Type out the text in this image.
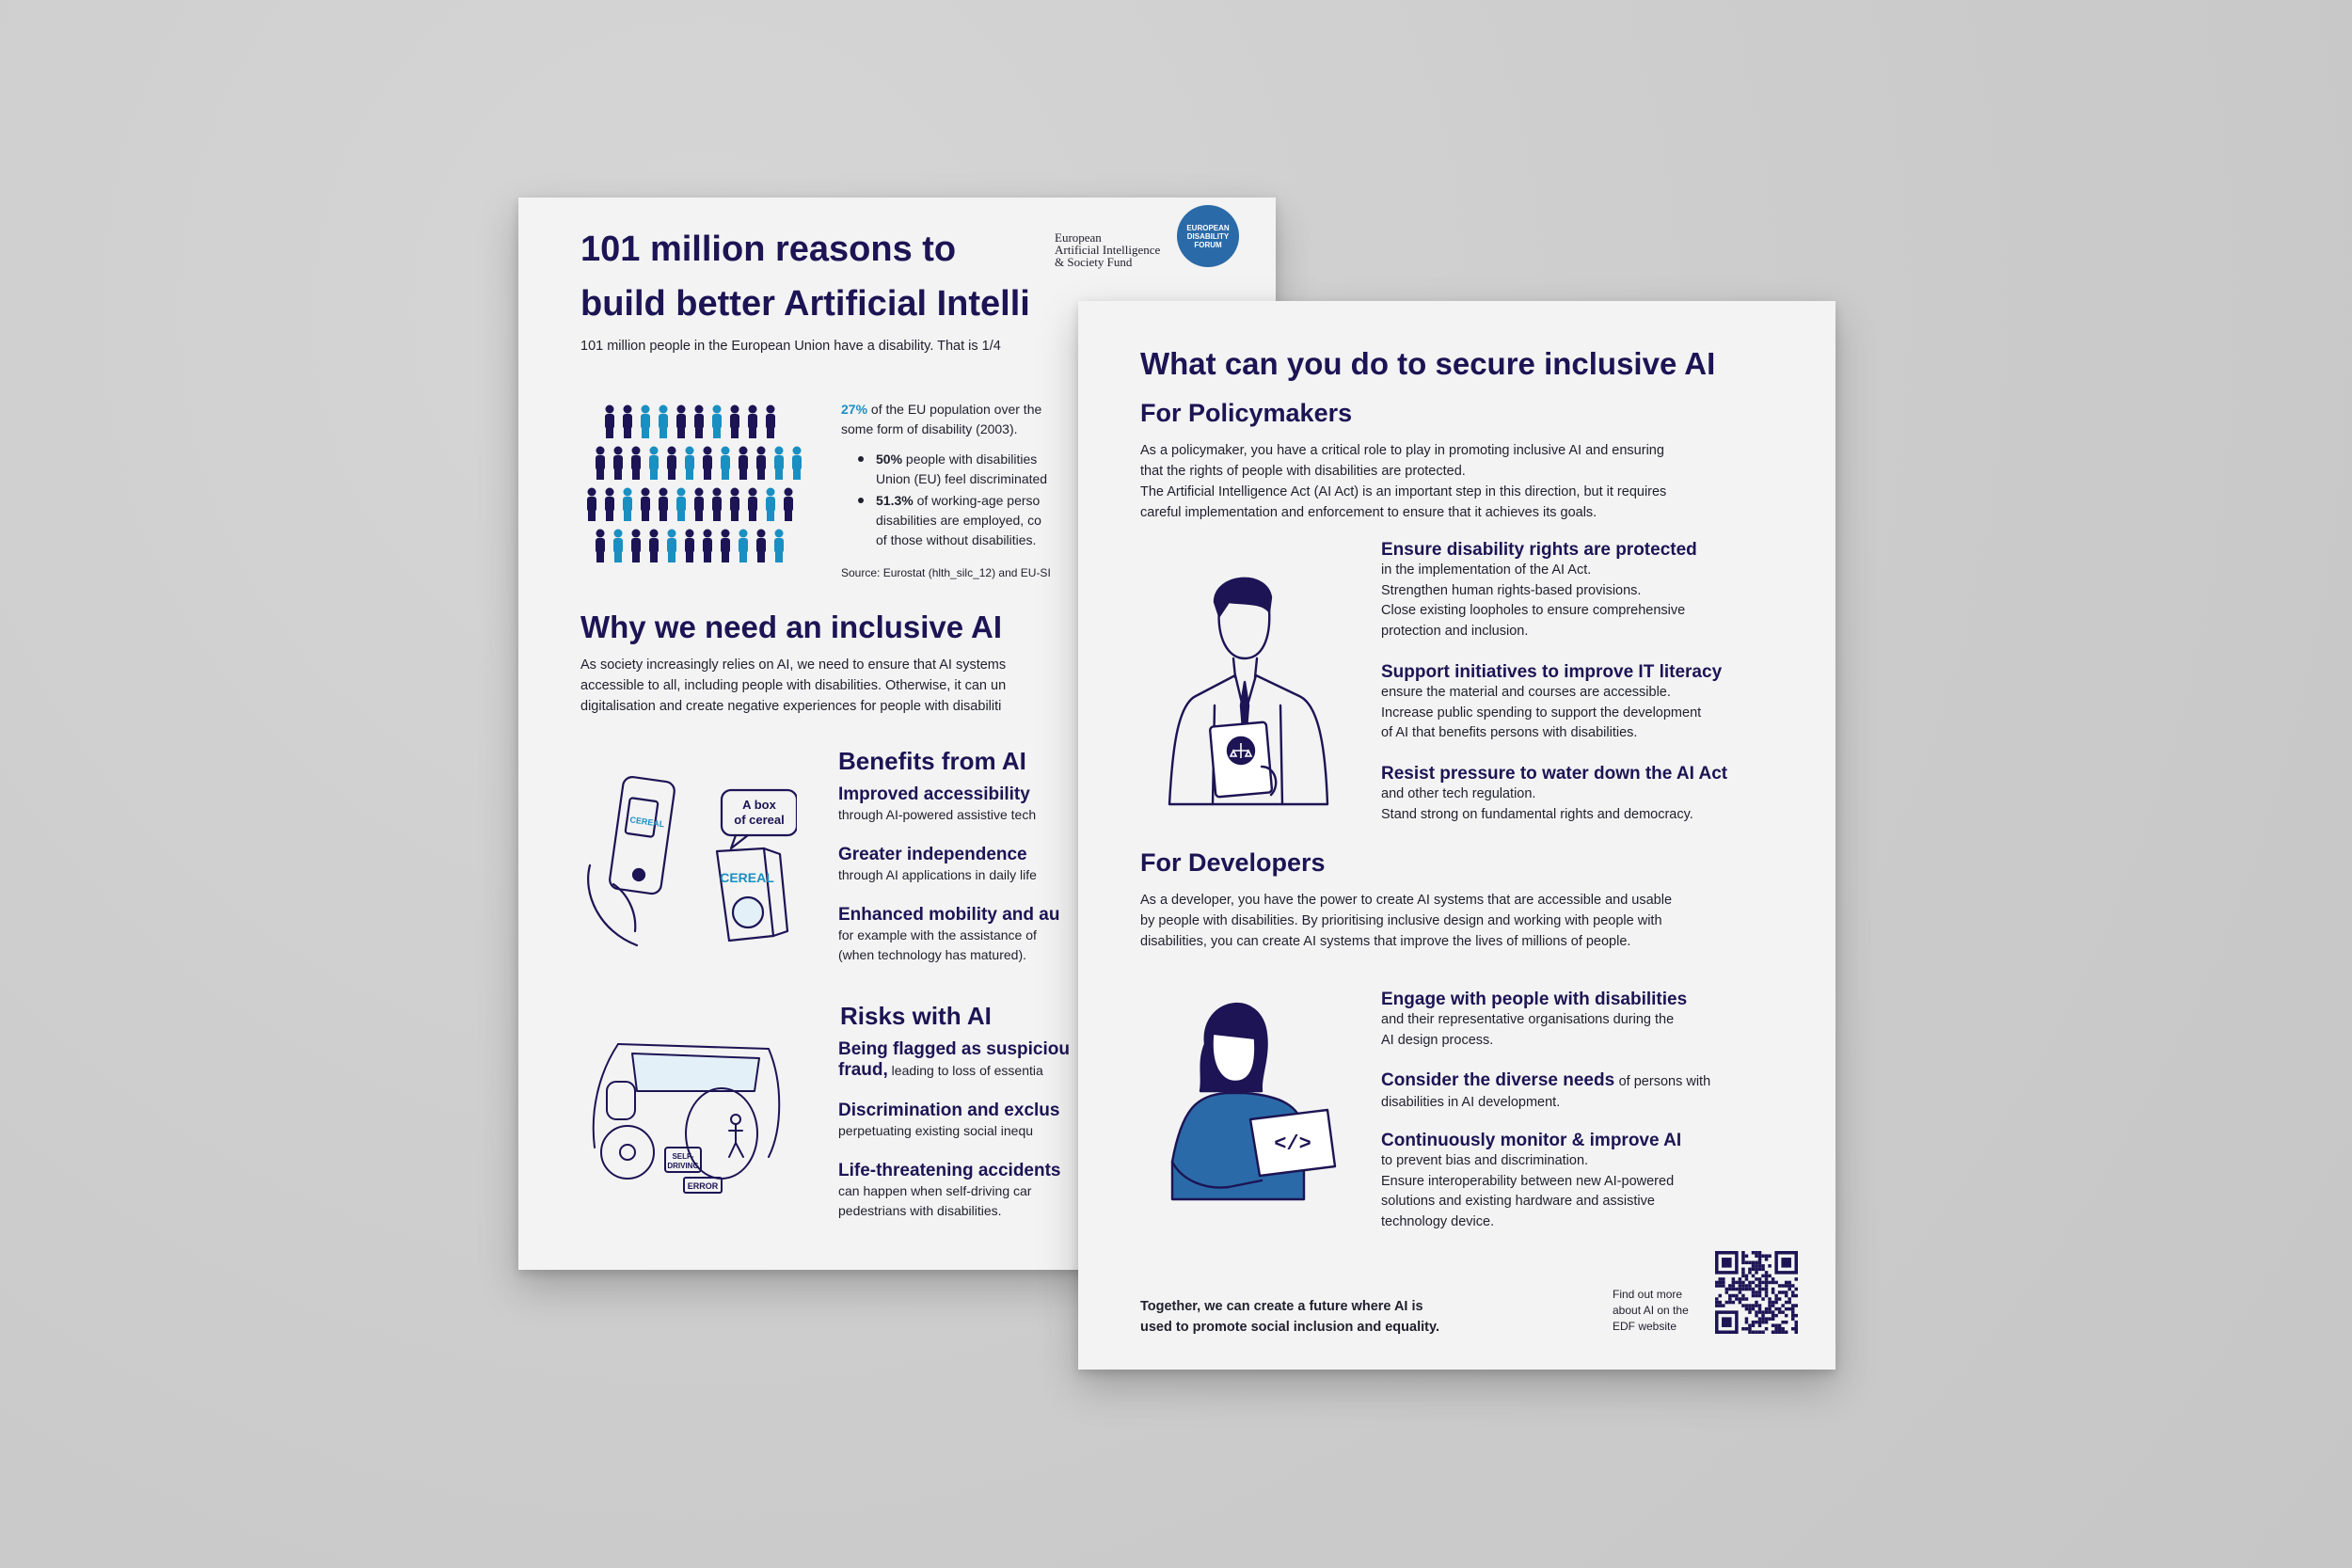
101 million reasons to
build better Artificial Intelli
European
Artificial Intelligence
& Society Fund
EUROPEAN
DISABILITY
FORUM
101 million people in the European Union have a disability. That is 1/4
27% of the EU population over the
some form of disability (2003).
50% people with disabilities
Union (EU) feel discriminated
51.3% of working-age perso
disabilities are employed, co
of those without disabilities.
Source: Eurostat (hlth_silc_12) and EU-SI
Why we need an inclusive AI
As society increasingly relies on AI, we need to ensure that AI systems
accessible to all, including people with disabilities. Otherwise, it can un
digitalisation and create negative experiences for people with disabiliti
CEREAL
A box
of cereal
CEREAL
Benefits from AI
Improved accessibility
through AI-powered assistive tech
Greater independence
through AI applications in daily life
Enhanced mobility and au
for example with the assistance of
(when technology has matured).
SELF-
DRIVING
ERROR
Risks with AI
Being flagged as suspiciou
fraud, leading to loss of essentia
Discrimination and exclus
perpetuating existing social inequ
Life-threatening accidents
can happen when self-driving car
pedestrians with disabilities.
What can you do to secure inclusive AI
For Policymakers
As a policymaker, you have a critical role to play in promoting inclusive AI and ensuring
that the rights of people with disabilities are protected.
The Artificial Intelligence Act (AI Act) is an important step in this direction, but it requires
careful implementation and enforcement to ensure that it achieves its goals.
Ensure disability rights are protected
in the implementation of the AI Act.
Strengthen human rights-based provisions.
Close existing loopholes to ensure comprehensive
protection and inclusion.
Support initiatives to improve IT literacy
ensure the material and courses are accessible.
Increase public spending to support the development
of AI that benefits persons with disabilities.
Resist pressure to water down the AI Act
and other tech regulation.
Stand strong on fundamental rights and democracy.
For Developers
As a developer, you have the power to create AI systems that are accessible and usable
by people with disabilities. By prioritising inclusive design and working with people with
disabilities, you can create AI systems that improve the lives of millions of people.
</>
Engage with people with disabilities
and their representative organisations during the
AI design process.
Consider the diverse needs of persons with
disabilities in AI development.
Continuously monitor & improve AI
to prevent bias and discrimination.
Ensure interoperability between new AI-powered
solutions and existing hardware and assistive
technology device.
Together, we can create a future where AI is
used to promote social inclusion and equality.
Find out more
about AI on the
EDF website
